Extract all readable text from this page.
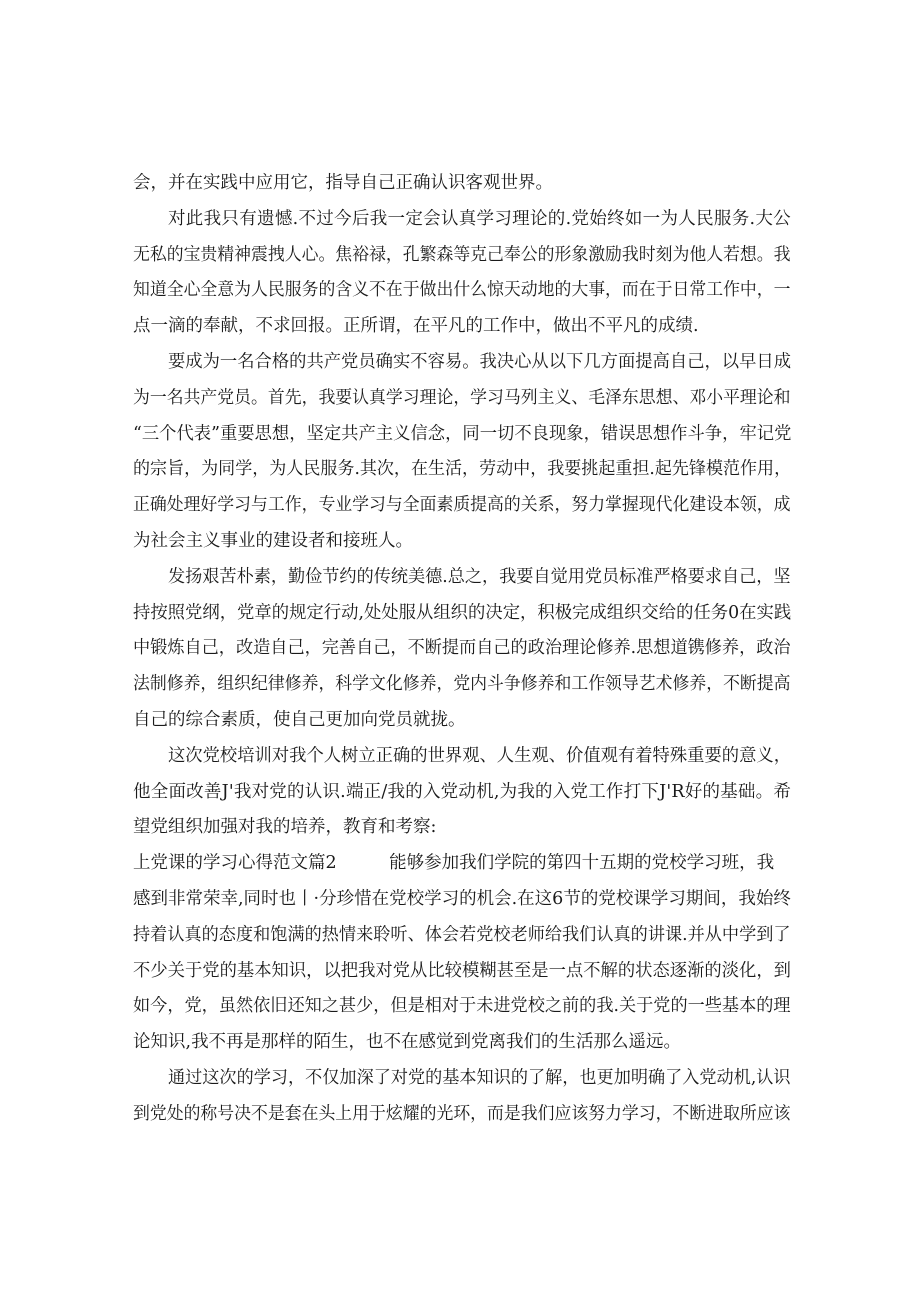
会，并在实践中应用它，指导自己正确认识客观世界。
对此我只有遗憾.不过今后我一定会认真学习理论的.党始终如一为人民服务.大公
无私的宝贵精神震拽人心。焦裕禄，孔繁森等克己奉公的形象激励我时刻为他人若想。我
知道全心全意为人民服务的含义不在于做出什么惊天动地的大事，而在于日常工作中，一
点一滴的奉献，不求回报。正所谓，在平凡的工作中，做出不平凡的成绩.
要成为一名合格的共产党员确实不容易。我决心从以下几方面提高自己，以早日成
为一名共产党员。首先，我要认真学习理论，学习马列主义、毛泽东思想、邓小平理论和
“三个代表”重要思想，坚定共产主义信念，同一切不良现象，错误思想作斗争，牢记党
的宗旨，为同学，为人民服务.其次，在生活，劳动中，我要挑起重担.起先锋模范作用，
正确处理好学习与工作，专业学习与全面素质提高的关系，努力掌握现代化建设本领，成
为社会主义事业的建设者和接班人。
发扬艰苦朴素，勤俭节约的传统美德.总之，我要自觉用党员标准严格要求自己，坚
持按照党纲，党章的规定行动,处处服从组织的决定，积极完成组织交给的任务0在实践
中锻炼自己，改造自己，完善自己，不断提而自己的政治理论修养.思想道镌修养，政治
法制修养，组织纪律修养，科学文化修养，党内斗争修养和工作领导艺术修养，不断提高
自己的综合素质，使自己更加向党员就拢。
这次党校培训对我个人树立正确的世界观、人生观、价值观有着特殊重要的意义，
他全面改善J'我对党的认识.端正/我的入党动机,为我的入党工作打下J'R好的基础。希
望党组织加强对我的培养，教育和考察:
上党课的学习心得范文篇2　　　能够参加我们学院的第四十五期的党校学习班，我
感到非常荣幸,同时也丨·分珍惜在党校学习的机会.在这6节的党校课学习期间，我始终
持着认真的态度和饱满的热情来聆听、体会若党校老师给我们认真的讲课.并从中学到了
不少关于党的基本知识，以把我对党从比较模糊甚至是一点不解的状态逐渐的淡化，到
如今，党，虽然依旧还知之甚少，但是相对于未进党校之前的我.关于党的一些基本的理
论知识,我不再是那样的陌生，也不在感觉到党离我们的生活那么遥远。
通过这次的学习，不仅加深了对党的基本知识的了解，也更加明确了入党动机,认识
到党处的称号决不是套在头上用于炫耀的光环，而是我们应该努力学习，不断进取所应该
